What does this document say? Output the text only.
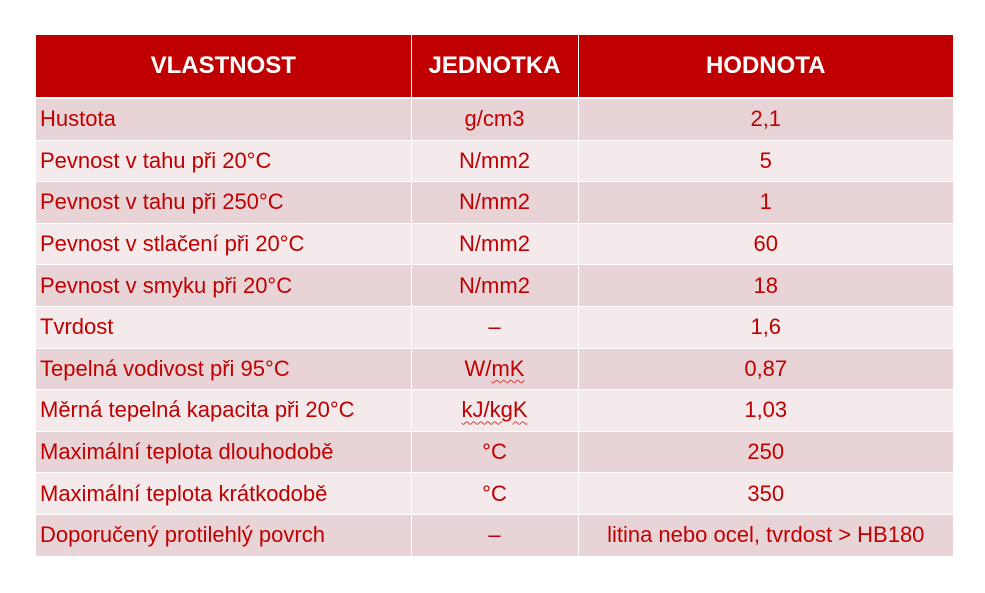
VLASTNOST	JEDNOTKA	HODNOTA
Hustota	g/cm3	2,1
Pevnost v tahu při 20°C	N/mm2	5
Pevnost v tahu při 250°C	N/mm2	1
Pevnost v stlačení při 20°C	N/mm2	60
Pevnost v smyku při 20°C	N/mm2	18
Tvrdost	–	1,6
Tepelná vodivost při 95°C	W/mK	0,87
Měrná tepelná kapacita při 20°C	kJ/kgK	1,03
Maximální teplota dlouhodobě	°C	250
Maximální teplota krátkodobě	°C	350
Doporučený protilehlý povrch	–	litina nebo ocel, tvrdost > HB180
